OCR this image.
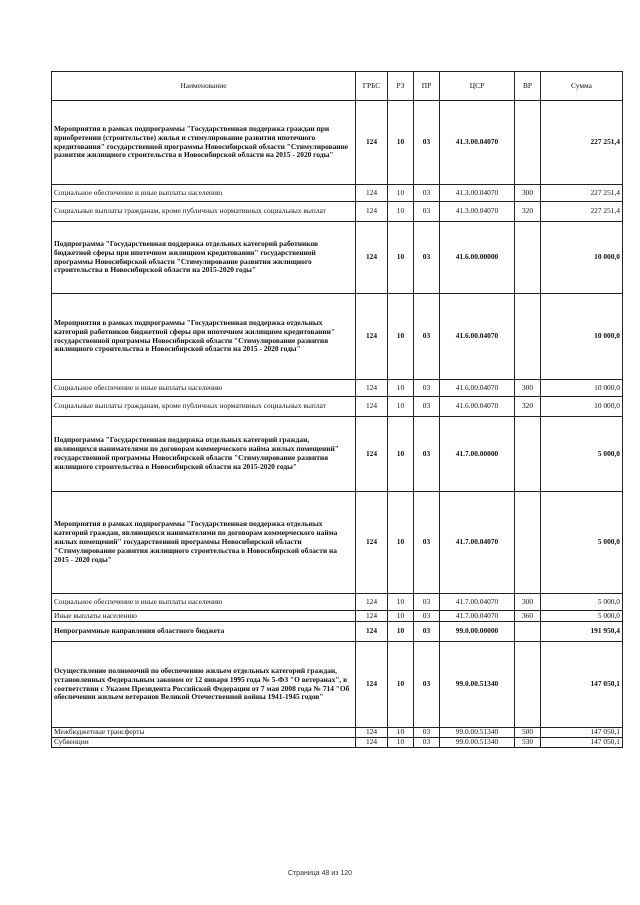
Наименование	ГРБС	РЗ	ПР	ЦСР	ВР	Сумма
Мероприятия в рамках подпрограммы "Государственная поддержка граждан при приобретении (строительстве) жилья и стимулирование развития ипотечного кредитования" государственной программы Новосибирской области "Стимулирование развития жилищного строительства в Новосибирской области на 2015 - 2020 годы"	124	10	03	41.3.00.04070		227 251,4
Социальное обеспечение и иные выплаты населению	124	10	03	41.3.00.04070	300	227 251,4
Социальные выплаты гражданам, кроме публичных нормативных социальных выплат	124	10	03	41.3.00.04070	320	227 251,4
Подпрограмма "Государственная поддержка отдельных категорий работников бюджетной сферы при ипотечном жилищном кредитовании" государственной программы Новосибирской области "Стимулирование развития жилищного строительства в Новосибирской области на 2015-2020 годы"	124	10	03	41.6.00.00000		10 000,0
Мероприятия в рамках подпрограммы "Государственная поддержка отдельных категорий работников бюджетной сферы при ипотечном жилищном кредитовании" государственной программы Новосибирской области "Стимулирование развития жилищного строительства в Новосибирской области на 2015 - 2020 годы"	124	10	03	41.6.00.04070		10 000,0
Социальное обеспечение и иные выплаты населению	124	10	03	41.6.00.04070	300	10 000,0
Социальные выплаты гражданам, кроме публичных нормативных социальных выплат	124	10	03	41.6.00.04070	320	10 000,0
Подпрограмма "Государственная поддержка отдельных категорий граждан, являющихся нанимателями по договорам коммерческого найма жилых помещений" государственной программы Новосибирской области "Стимулирование развития жилищного строительства в Новосибирской области на 2015-2020 годы"	124	10	03	41.7.00.00000		5 000,0
Мероприятия в рамках подпрограммы "Государственная поддержка отдельных категорий граждан, являющихся нанимателями по договорам коммерческого найма жилых помещений" государственной программы Новосибирской области "Стимулирование развития жилищного строительства в Новосибирской области на 2015 - 2020 годы"	124	10	03	41.7.00.04070		5 000,0
Социальное обеспечение и иные выплаты населению	124	10	03	41.7.00.04070	300	5 000,0
Иные выплаты населению	124	10	03	41.7.00.04070	360	5 000,0
Непрограммные направления областного бюджета	124	10	03	99.0.00.00000		191 950,4
Осуществление полномочий по обеспечению жильем отдельных категорий граждан, установленных Федеральным законом от 12 января 1995 года № 5-ФЗ "О ветеранах", в соответствии с Указом Президента Российской Федерации от 7 мая 2008 года № 714 "Об обеспечении жильем ветеранов Великой Отечественной войны 1941-1945 годов"	124	10	03	99.0.00.51340		147 050,1
Межбюджетные трансферты	124	10	03	99.0.00.51340	500	147 050,1
Субвенции	124	10	03	99.0.00.51340	530	147 050,1
Страница 48 из 120
